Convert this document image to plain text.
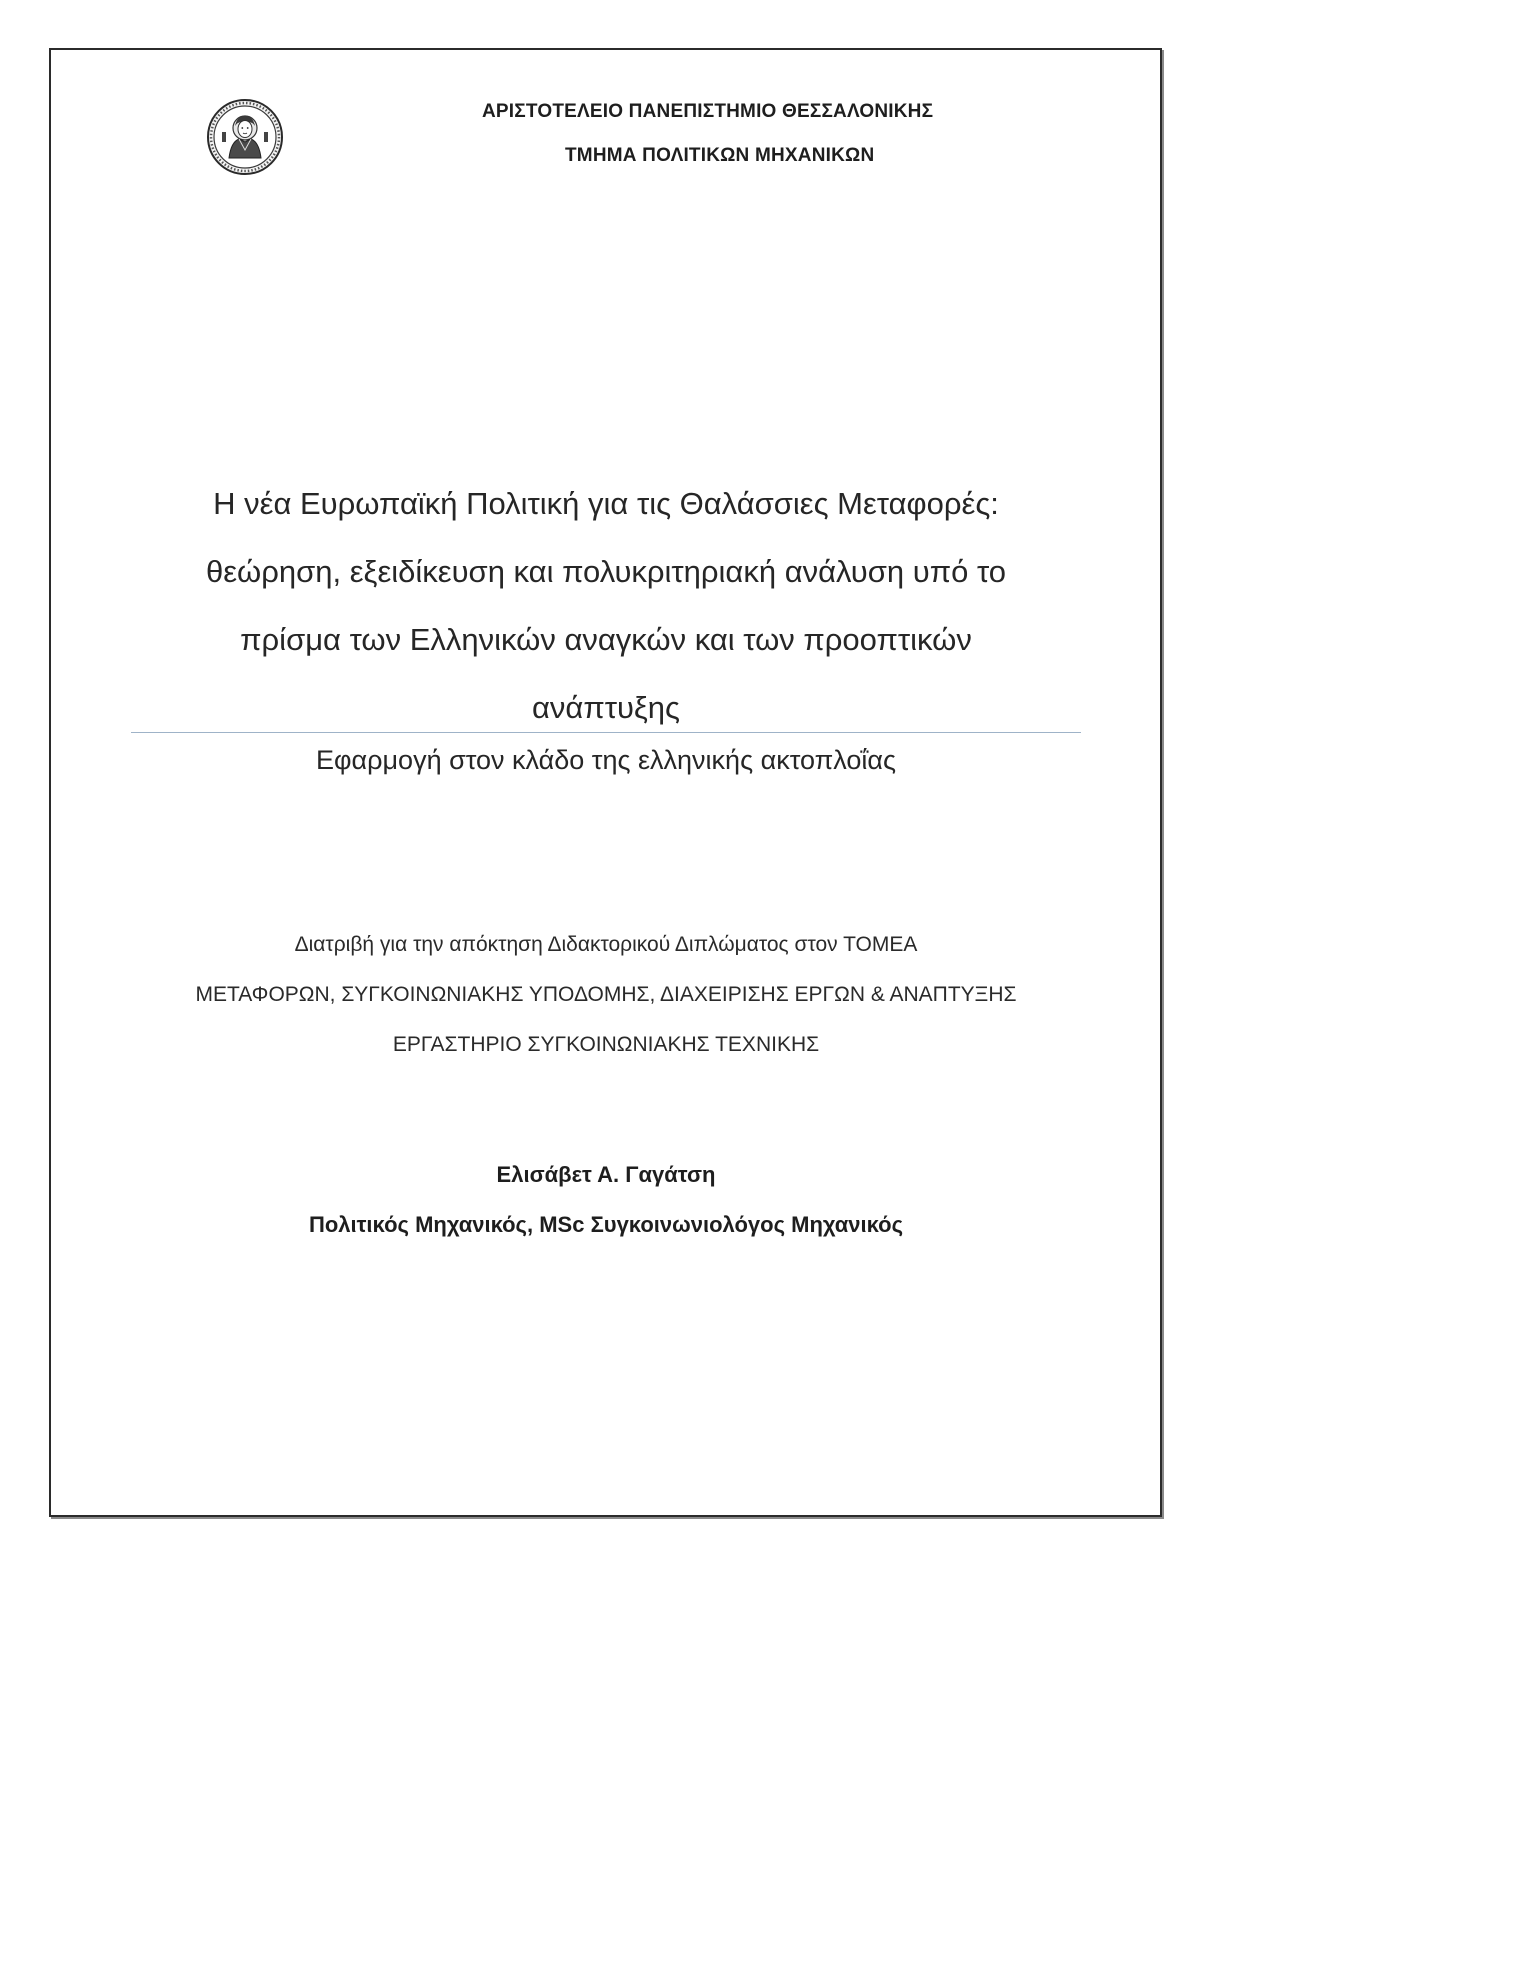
ΑΡΙΣΤΟΤΕΛΕΙΟ ΠΑΝΕΠΙΣΤΗΜΙΟ ΘΕΣΣΑΛΟΝΙΚΗΣ
ΤΜΗΜΑ ΠΟΛΙΤΙΚΩΝ ΜΗΧΑΝΙΚΩΝ
Η νέα Ευρωπαϊκή Πολιτική για τις Θαλάσσιες Μεταφορές:
θεώρηση, εξειδίκευση και πολυκριτηριακή ανάλυση υπό το
πρίσμα των Ελληνικών αναγκών και των προοπτικών
ανάπτυξης
Εφαρμογή στον κλάδο της ελληνικής ακτοπλοΐας
Διατριβή για την απόκτηση Διδακτορικού Διπλώματος στον ΤΟΜΕΑ
ΜΕΤΑΦΟΡΩΝ, ΣΥΓΚΟΙΝΩΝΙΑΚΗΣ ΥΠΟΔΟΜΗΣ, ΔΙΑΧΕΙΡΙΣΗΣ ΕΡΓΩΝ & ΑΝΑΠΤΥΞΗΣ
ΕΡΓΑΣΤΗΡΙΟ ΣΥΓΚΟΙΝΩΝΙΑΚΗΣ ΤΕΧΝΙΚΗΣ
Ελισάβετ Α. Γαγάτση
Πολιτικός Μηχανικός, MSc Συγκοινωνιολόγος Μηχανικός
